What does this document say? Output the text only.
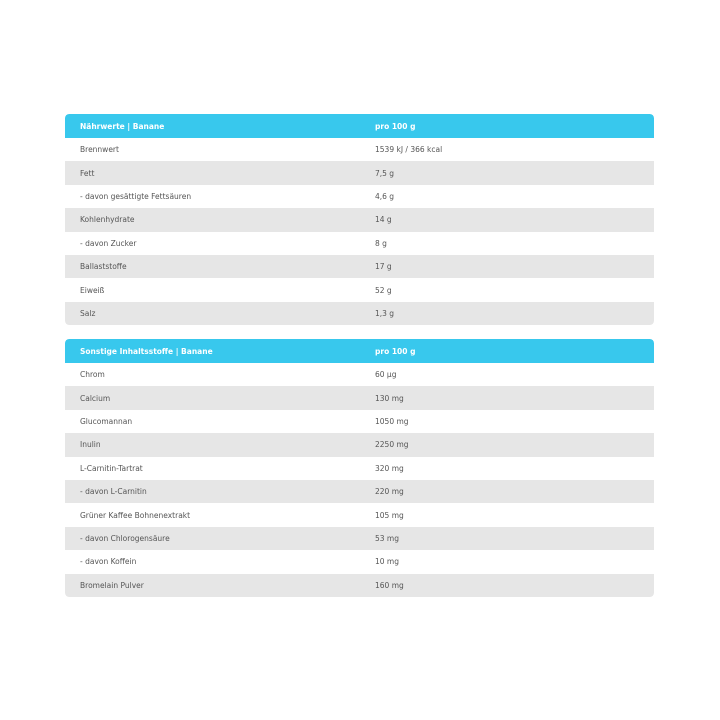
Nährwerte | Banane	pro 100 g
Brennwert	1539 kJ / 366 kcal
Fett	7,5 g
- davon gesättigte Fettsäuren	4,6 g
Kohlenhydrate	14 g
- davon Zucker	8 g
Ballaststoffe	17 g
Eiweiß	52 g
Salz	1,3 g
Sonstige Inhaltsstoffe | Banane	pro 100 g
Chrom	60 µg
Calcium	130 mg
Glucomannan	1050 mg
Inulin	2250 mg
L-Carnitin-Tartrat	320 mg
- davon L-Carnitin	220 mg
Grüner Kaffee Bohnenextrakt	105 mg
- davon Chlorogensäure	53 mg
- davon Koffein	10 mg
Bromelain Pulver	160 mg
